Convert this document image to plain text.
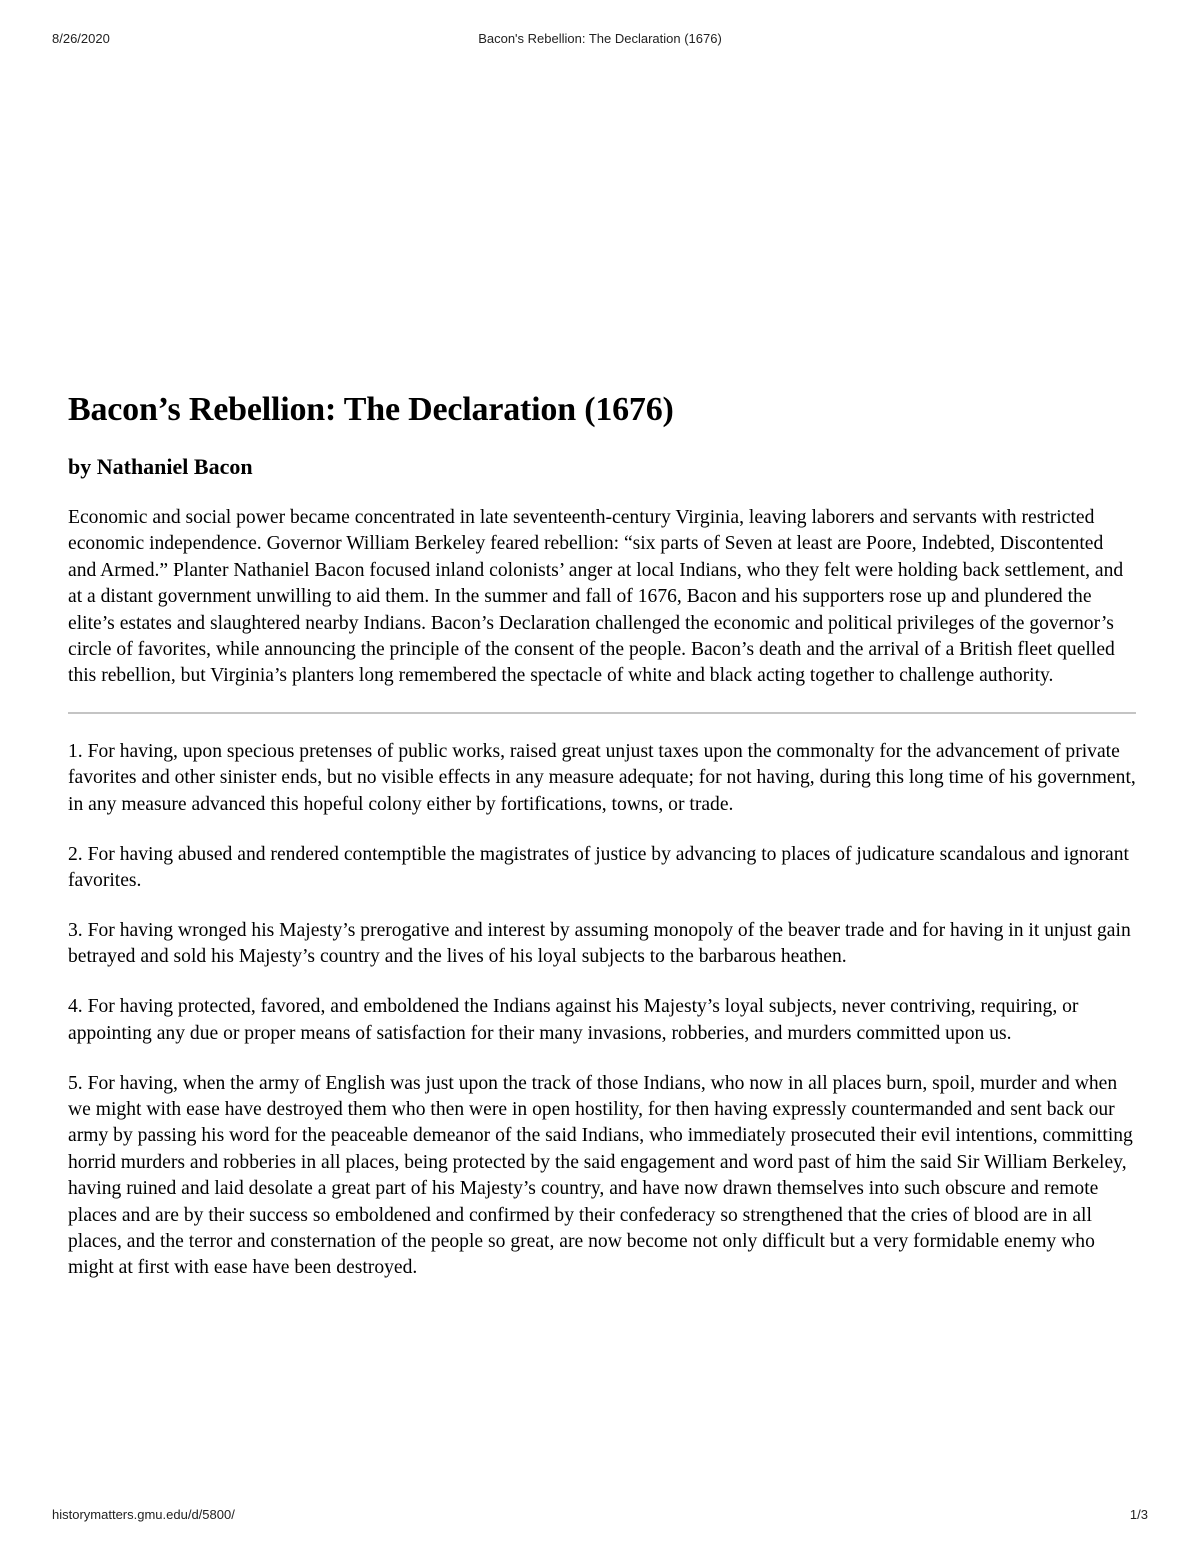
8/26/2020	Bacon's Rebellion: The Declaration (1676)
Bacon’s Rebellion: The Declaration (1676)
by Nathaniel Bacon

Economic and social power became concentrated in late seventeenth-century Virginia, leaving laborers and servants with restricted economic independence. Governor William Berkeley feared rebellion: “six parts of Seven at least are Poore, Indebted, Discontented and Armed.” Planter Nathaniel Bacon focused inland colonists’ anger at local Indians, who they felt were holding back settlement, and at a distant government unwilling to aid them. In the summer and fall of 1676, Bacon and his supporters rose up and plundered the elite’s estates and slaughtered nearby Indians. Bacon’s Declaration challenged the economic and political privileges of the governor’s circle of favorites, while announcing the principle of the consent of the people. Bacon’s death and the arrival of a British fleet quelled this rebellion, but Virginia’s planters long remembered the spectacle of white and black acting together to challenge authority.

1. For having, upon specious pretenses of public works, raised great unjust taxes upon the commonalty for the advancement of private favorites and other sinister ends, but no visible effects in any measure adequate; for not having, during this long time of his government, in any measure advanced this hopeful colony either by fortifications, towns, or trade.

2. For having abused and rendered contemptible the magistrates of justice by advancing to places of judicature scandalous and ignorant favorites.

3. For having wronged his Majesty’s prerogative and interest by assuming monopoly of the beaver trade and for having in it unjust gain betrayed and sold his Majesty’s country and the lives of his loyal subjects to the barbarous heathen.

4. For having protected, favored, and emboldened the Indians against his Majesty’s loyal subjects, never contriving, requiring, or appointing any due or proper means of satisfaction for their many invasions, robberies, and murders committed upon us.

5. For having, when the army of English was just upon the track of those Indians, who now in all places burn, spoil, murder and when we might with ease have destroyed them who then were in open hostility, for then having expressly countermanded and sent back our army by passing his word for the peaceable demeanor of the said Indians, who immediately prosecuted their evil intentions, committing horrid murders and robberies in all places, being protected by the said engagement and word past of him the said Sir William Berkeley, having ruined and laid desolate a great part of his Majesty’s country, and have now drawn themselves into such obscure and remote places and are by their success so emboldened and confirmed by their confederacy so strengthened that the cries of blood are in all places, and the terror and consternation of the people so great, are now become not only difficult but a very formidable enemy who might at first with ease have been destroyed.

historymatters.gmu.edu/d/5800/	1/3
